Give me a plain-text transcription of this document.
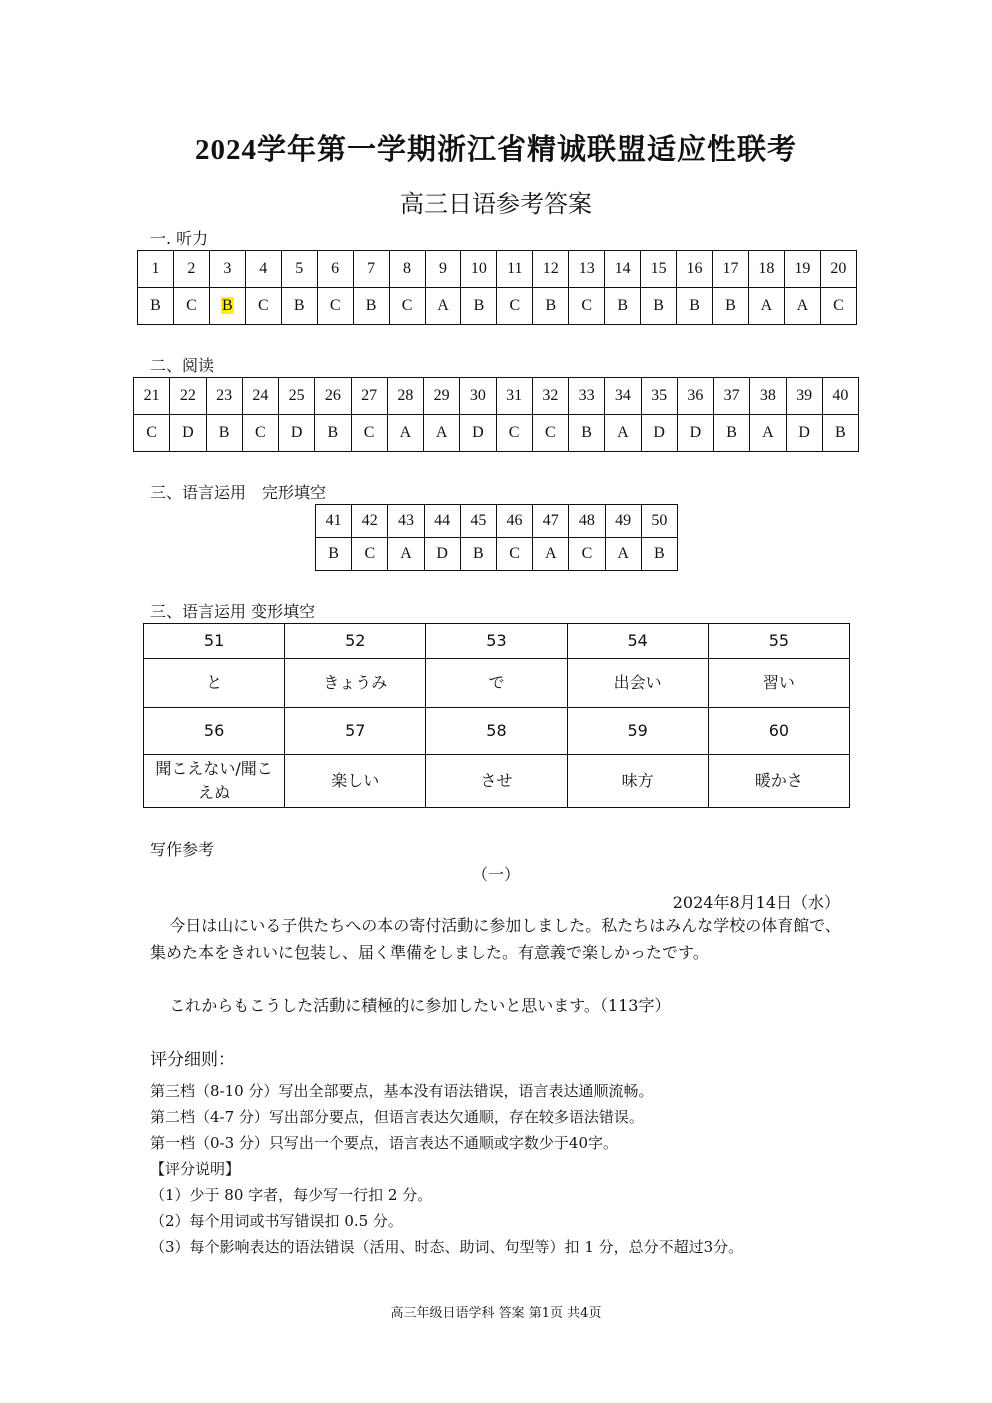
2024学年第一学期浙江省精诚联盟适应性联考
高三日语参考答案
一. 听力
1	2	3	4	5	6	7	8	9	10	11	12	13	14	15	16	17	18	19	20
B	C	B	C	B	C	B	C	A	B	C	B	C	B	B	B	B	A	A	C
二、阅读
21	22	23	24	25	26	27	28	29	30	31	32	33	34	35	36	37	38	39	40
C	D	B	C	D	B	C	A	A	D	C	C	B	A	D	D	B	A	D	B
三、语言运用　完形填空
41	42	43	44	45	46	47	48	49	50
B	C	A	D	B	C	A	C	A	B
三、语言运用 变形填空
51	52	53	54	55
と	きょうみ	で	出会い	習い
56	57	58	59	60
聞こえない/聞こえぬ	楽しい	させ	味方	暖かさ
写作参考
（一）
2024年8月14日（水）
今日は山にいる子供たちへの本の寄付活動に参加しました。私たちはみんな学校の体育館で、集めた本をきれいに包装し、届く準備をしました。有意義で楽しかったです。
これからもこうした活動に積極的に参加したいと思います。（113字）
评分细则：
第三档（8-10 分）写出全部要点，基本没有语法错误，语言表达通顺流畅。
第二档（4-7 分）写出部分要点，但语言表达欠通顺，存在较多语法错误。
第一档（0-3 分）只写出一个要点，语言表达不通顺或字数少于40字。
【评分说明】
（1）少于 80 字者，每少写一行扣 2 分。
（2）每个用词或书写错误扣 0.5 分。
（3）每个影响表达的语法错误（活用、时态、助词、句型等）扣 1 分，总分不超过3分。
高三年级日语学科 答案 第1页 共4页
